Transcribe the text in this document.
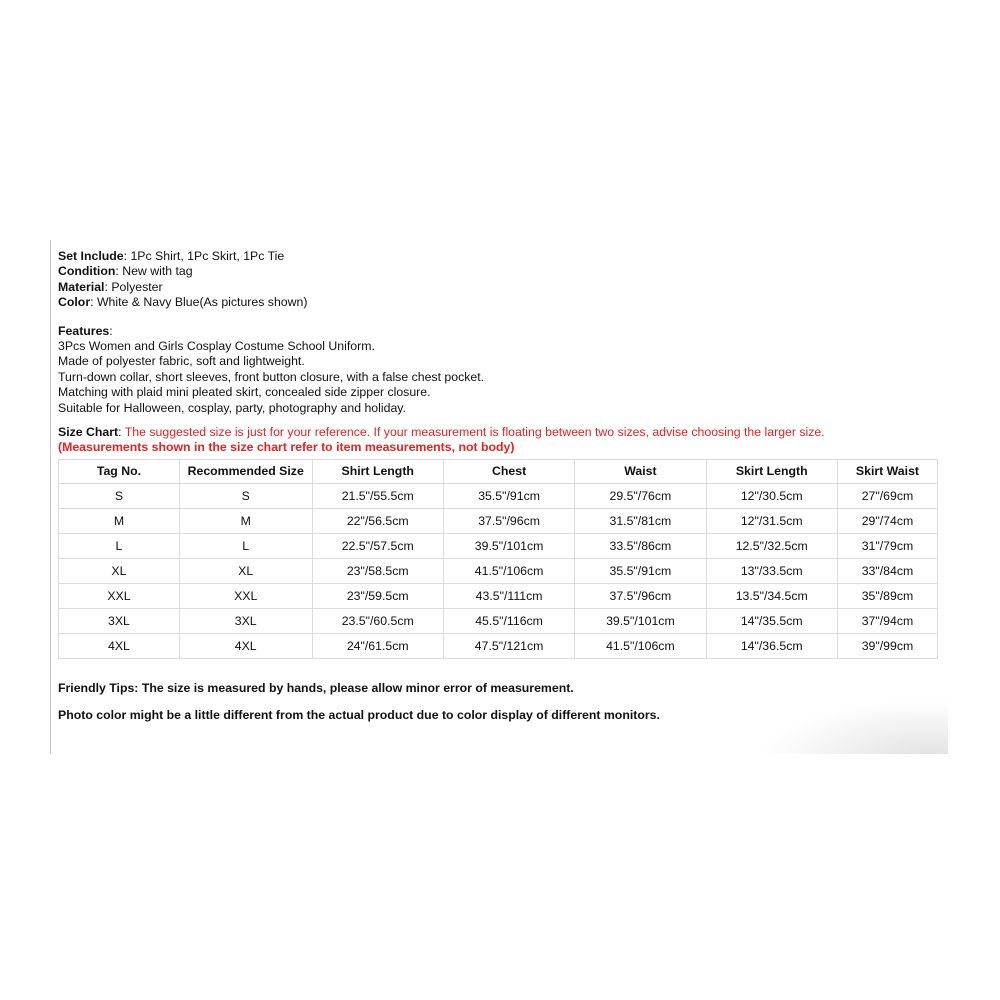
Set Include: 1Pc Shirt, 1Pc Skirt, 1Pc Tie
Condition: New with tag
Material: Polyester
Color: White & Navy Blue(As pictures shown)
Features:
3Pcs Women and Girls Cosplay Costume School Uniform.
Made of polyester fabric, soft and lightweight.
Turn-down collar, short sleeves, front button closure, with a false chest pocket.
Matching with plaid mini pleated skirt, concealed side zipper closure.
Suitable for Halloween, cosplay, party, photography and holiday.
Size Chart: The suggested size is just for your reference. If your measurement is floating between two sizes, advise choosing the larger size.
(Measurements shown in the size chart refer to item measurements, not body)
Tag No.	Recommended Size	Shirt Length	Chest	Waist	Skirt Length	Skirt Waist
S	S	21.5"/55.5cm	35.5"/91cm	29.5"/76cm	12"/30.5cm	27"/69cm
M	M	22"/56.5cm	37.5"/96cm	31.5"/81cm	12"/31.5cm	29"/74cm
L	L	22.5"/57.5cm	39.5"/101cm	33.5"/86cm	12.5"/32.5cm	31"/79cm
XL	XL	23"/58.5cm	41.5"/106cm	35.5"/91cm	13"/33.5cm	33"/84cm
XXL	XXL	23"/59.5cm	43.5"/111cm	37.5"/96cm	13.5"/34.5cm	35"/89cm
3XL	3XL	23.5"/60.5cm	45.5"/116cm	39.5"/101cm	14"/35.5cm	37"/94cm
4XL	4XL	24"/61.5cm	47.5"/121cm	41.5"/106cm	14"/36.5cm	39"/99cm
Friendly Tips: The size is measured by hands, please allow minor error of measurement.
Photo color might be a little different from the actual product due to color display of different monitors.
